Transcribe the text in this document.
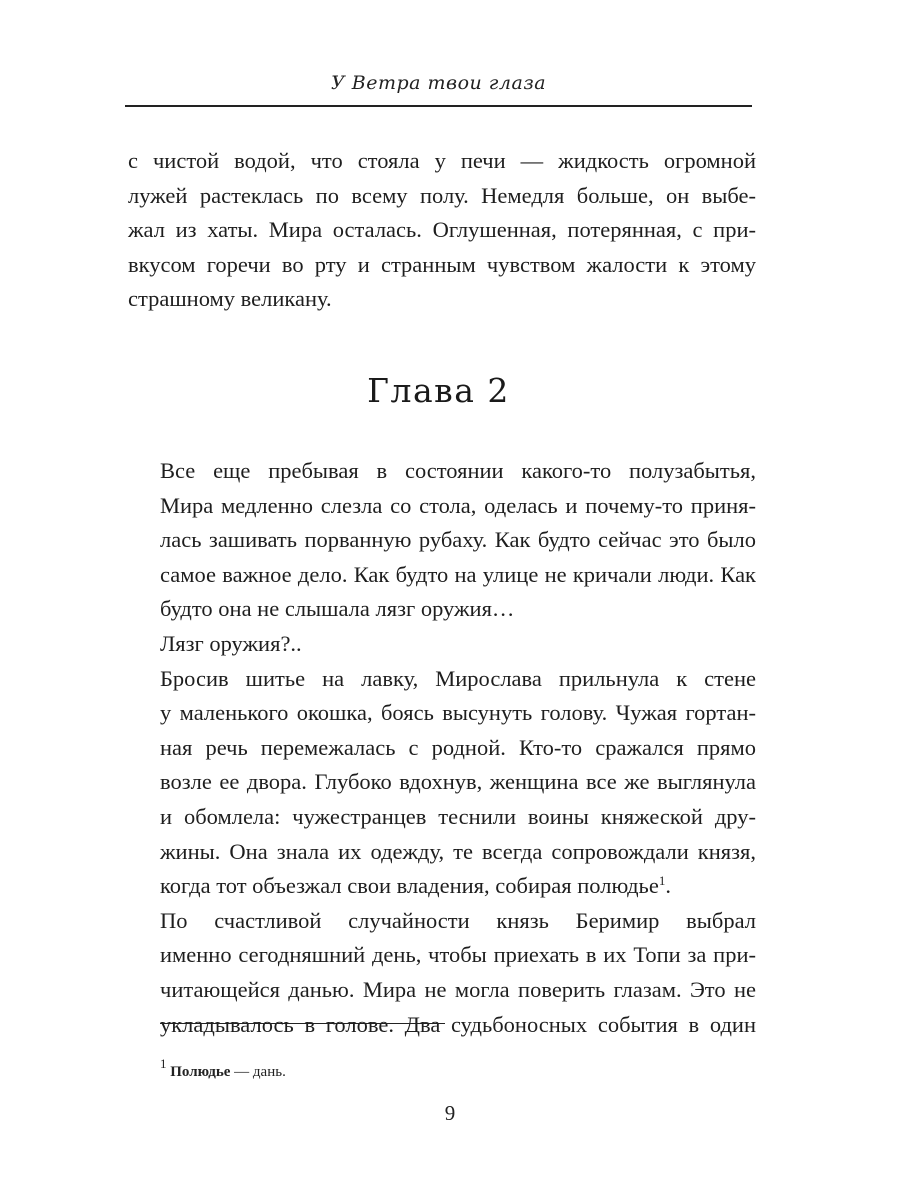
У Ветра твои глаза

с чистой водой, что стояла у печи — жидкость огромной
лужей растеклась по всему полу. Немедля больше, он выбе-
жал из хаты. Мира осталась. Оглушенная, потерянная, с при-
вкусом горечи во рту и странным чувством жалости к этому
страшному великану.

Глава 2

Все еще пребывая в состоянии какого-то полузабытья,
Мира медленно слезла со стола, оделась и почему-то приня-
лась зашивать порванную рубаху. Как будто сейчас это было
самое важное дело. Как будто на улице не кричали люди. Как
будто она не слышала лязг оружия…

Лязг оружия?..

Бросив шитье на лавку, Мирослава прильнула к стене
у маленького окошка, боясь высунуть голову. Чужая гортан-
ная речь перемежалась с родной. Кто-то сражался прямо
возле ее двора. Глубоко вдохнув, женщина все же выглянула
и обомлела: чужестранцев теснили воины княжеской дру-
жины. Она знала их одежду, те всегда сопровождали князя,
когда тот объезжал свои владения, собирая полюдье$^1$.

По счастливой случайности князь Беримир выбрал
именно сегодняшний день, чтобы приехать в их Топи за при-
читающейся данью. Мира не могла поверить глазам. Это не
укладывалось в голове. Два судьбоносных события в один

$^1$ Полюдье — дань.
9
